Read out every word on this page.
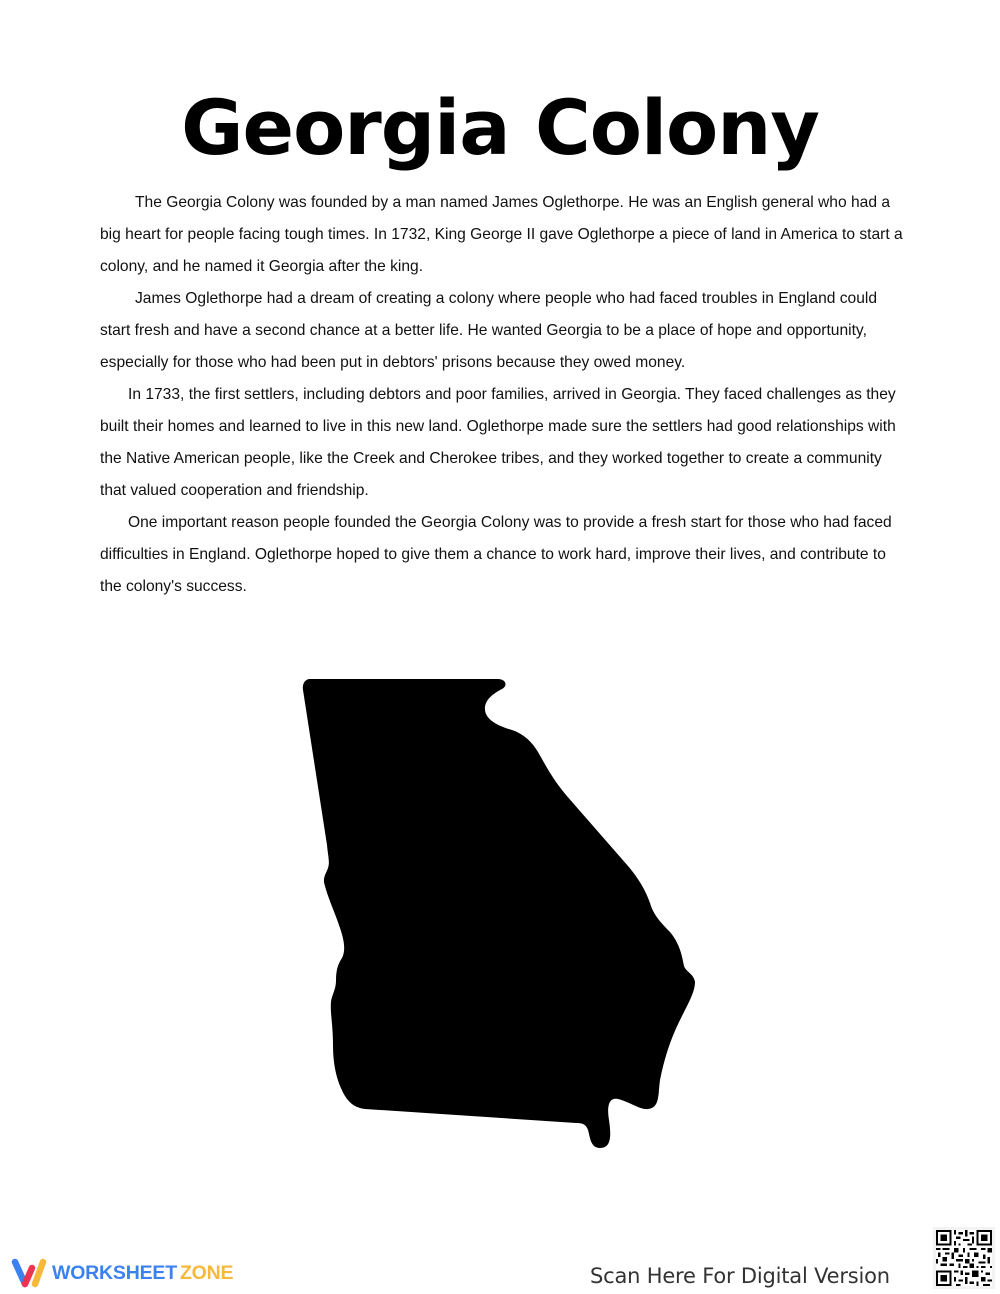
Georgia Colony

The Georgia Colony was founded by a man named James Oglethorpe. He was an English general who had a big heart for people facing tough times. In 1732, King George II gave Oglethorpe a piece of land in America to start a colony, and he named it Georgia after the king.

James Oglethorpe had a dream of creating a colony where people who had faced troubles in England could start fresh and have a second chance at a better life. He wanted Georgia to be a place of hope and opportunity, especially for those who had been put in debtors' prisons because they owed money.

In 1733, the first settlers, including debtors and poor families, arrived in Georgia. They faced challenges as they built their homes and learned to live in this new land. Oglethorpe made sure the settlers had good relationships with the Native American people, like the Creek and Cherokee tribes, and they worked together to create a community that valued cooperation and friendship.

One important reason people founded the Georgia Colony was to provide a fresh start for those who had faced difficulties in England. Oglethorpe hoped to give them a chance to work hard, improve their lives, and contribute to the colony's success.

WORKSHEET ZONE	Scan Here For Digital Version
